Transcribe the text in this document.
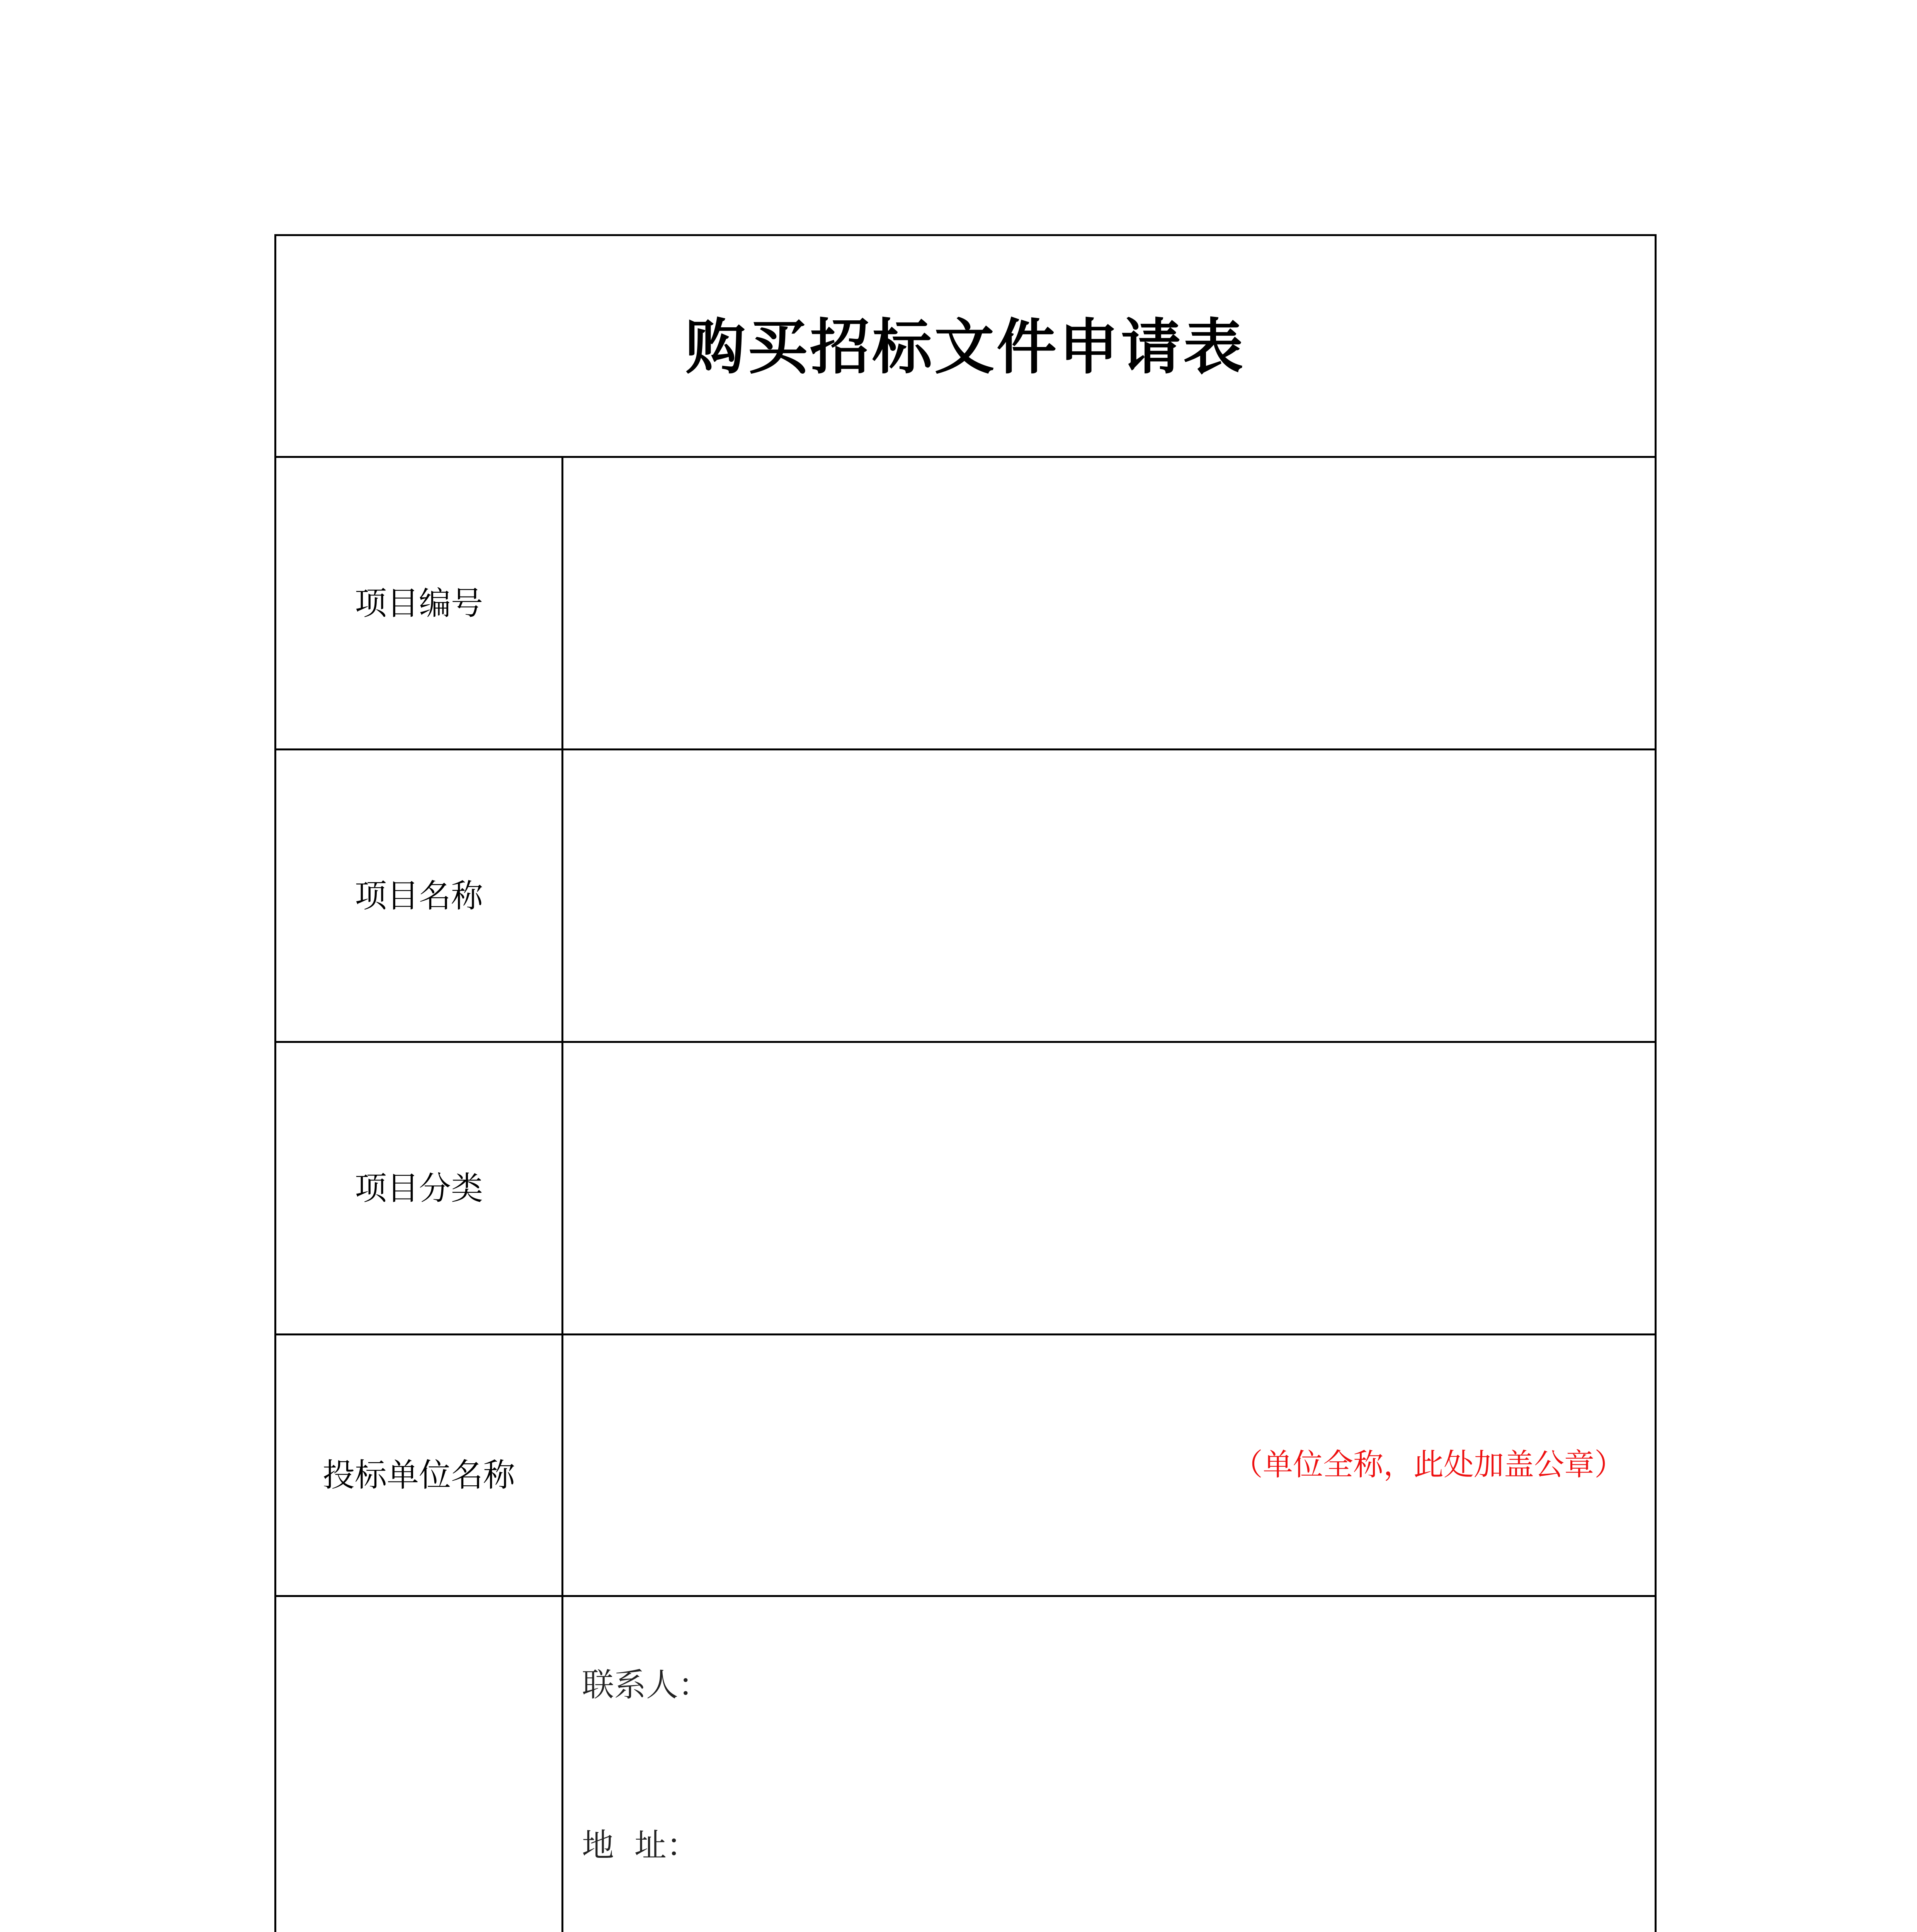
购买招标文件申请表
项目编号
项目名称
项目分类
投标单位名称	（单位全称，此处加盖公章）

联系人：
地  址：
